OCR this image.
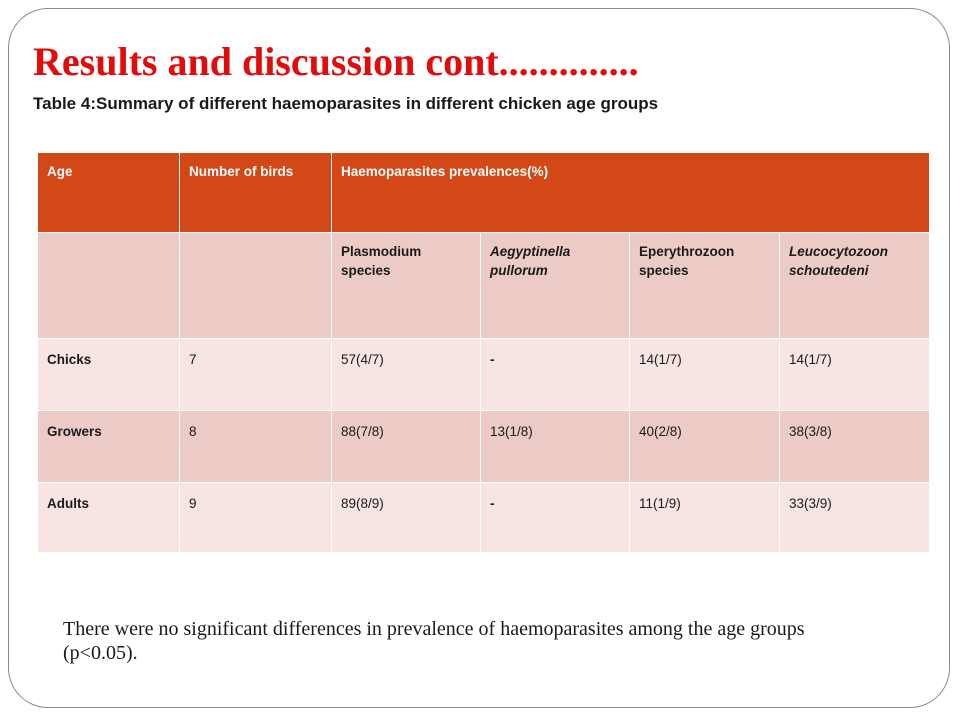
Results and discussion cont..............

Table 4:Summary of different haemoparasites in different chicken age groups

Age	Number of birds	Haemoparasites prevalences(%)			
		Plasmodium species	Aegyptinella pullorum	Eperythrozoon species	Leucocytozoon schoutedeni
Chicks	7	57(4/7)	-	14(1/7)	14(1/7)
Growers	8	88(7/8)	13(1/8)	40(2/8)	38(3/8)
Adults	9	89(8/9)	-	11(1/9)	33(3/9)

There were no significant differences in prevalence of haemoparasites among the age groups (p<0.05).
